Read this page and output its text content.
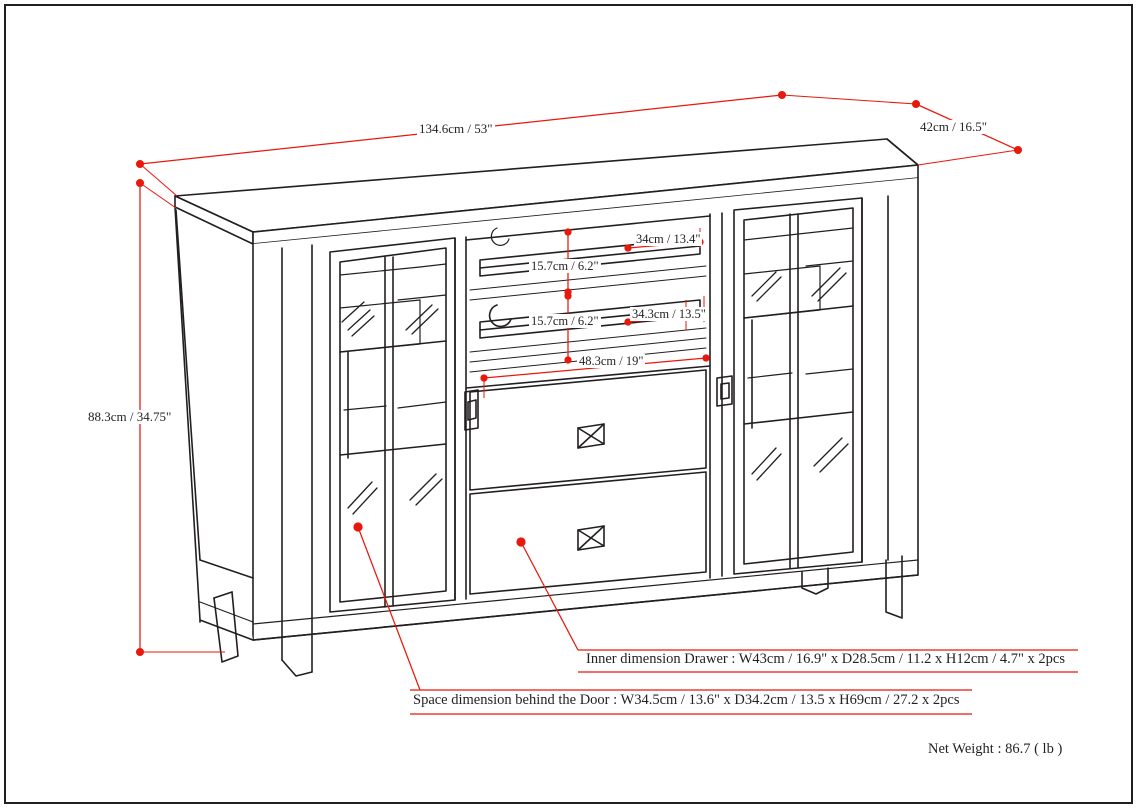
134.6cm / 53"	42cm / 16.5"
88.3cm / 34.75"
34cm / 13.4"
15.7cm / 6.2"
34.3cm / 13.5"
15.7cm / 6.2"
48.3cm / 19"
Inner dimension Drawer : W43cm / 16.9" x D28.5cm / 11.2 x H12cm / 4.7" x 2pcs
Space dimension behind the Door : W34.5cm / 13.6" x D34.2cm / 13.5 x H69cm / 27.2 x 2pcs
Net Weight : 86.7 ( lb )
